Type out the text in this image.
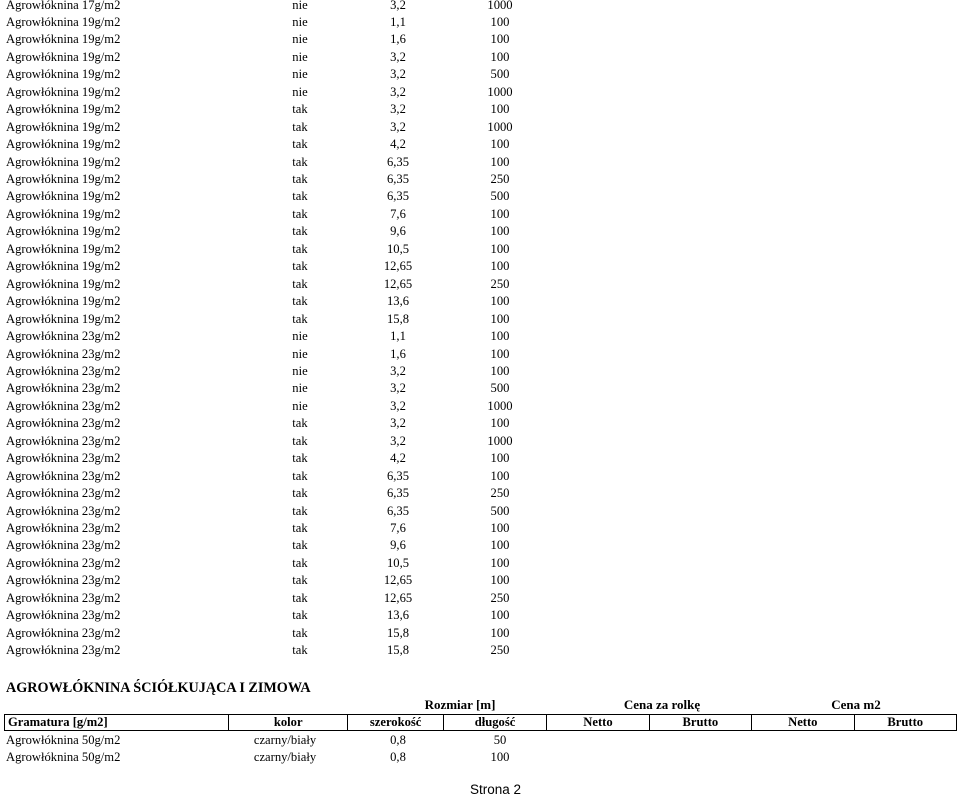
Agrowłóknina 17g/m2	nie	3,2	1000
Agrowłóknina 19g/m2	nie	1,1	100
Agrowłóknina 19g/m2	nie	1,6	100
Agrowłóknina 19g/m2	nie	3,2	100
Agrowłóknina 19g/m2	nie	3,2	500
Agrowłóknina 19g/m2	nie	3,2	1000
Agrowłóknina 19g/m2	tak	3,2	100
Agrowłóknina 19g/m2	tak	3,2	1000
Agrowłóknina 19g/m2	tak	4,2	100
Agrowłóknina 19g/m2	tak	6,35	100
Agrowłóknina 19g/m2	tak	6,35	250
Agrowłóknina 19g/m2	tak	6,35	500
Agrowłóknina 19g/m2	tak	7,6	100
Agrowłóknina 19g/m2	tak	9,6	100
Agrowłóknina 19g/m2	tak	10,5	100
Agrowłóknina 19g/m2	tak	12,65	100
Agrowłóknina 19g/m2	tak	12,65	250
Agrowłóknina 19g/m2	tak	13,6	100
Agrowłóknina 19g/m2	tak	15,8	100
Agrowłóknina 23g/m2	nie	1,1	100
Agrowłóknina 23g/m2	nie	1,6	100
Agrowłóknina 23g/m2	nie	3,2	100
Agrowłóknina 23g/m2	nie	3,2	500
Agrowłóknina 23g/m2	nie	3,2	1000
Agrowłóknina 23g/m2	tak	3,2	100
Agrowłóknina 23g/m2	tak	3,2	1000
Agrowłóknina 23g/m2	tak	4,2	100
Agrowłóknina 23g/m2	tak	6,35	100
Agrowłóknina 23g/m2	tak	6,35	250
Agrowłóknina 23g/m2	tak	6,35	500
Agrowłóknina 23g/m2	tak	7,6	100
Agrowłóknina 23g/m2	tak	9,6	100
Agrowłóknina 23g/m2	tak	10,5	100
Agrowłóknina 23g/m2	tak	12,65	100
Agrowłóknina 23g/m2	tak	12,65	250
Agrowłóknina 23g/m2	tak	13,6	100
Agrowłóknina 23g/m2	tak	15,8	100
Agrowłóknina 23g/m2	tak	15,8	250
AGROWŁÓKNINA ŚCIÓŁKUJĄCA I ZIMOWA
Rozmiar [m]	Cena za rolkę	Cena m2
Gramatura [g/m2]	kolor	szerokość	długość	Netto	Brutto	Netto	Brutto
Agrowłóknina 50g/m2	czarny/biały	0,8	50
Agrowłóknina 50g/m2	czarny/biały	0,8	100
Strona 2
